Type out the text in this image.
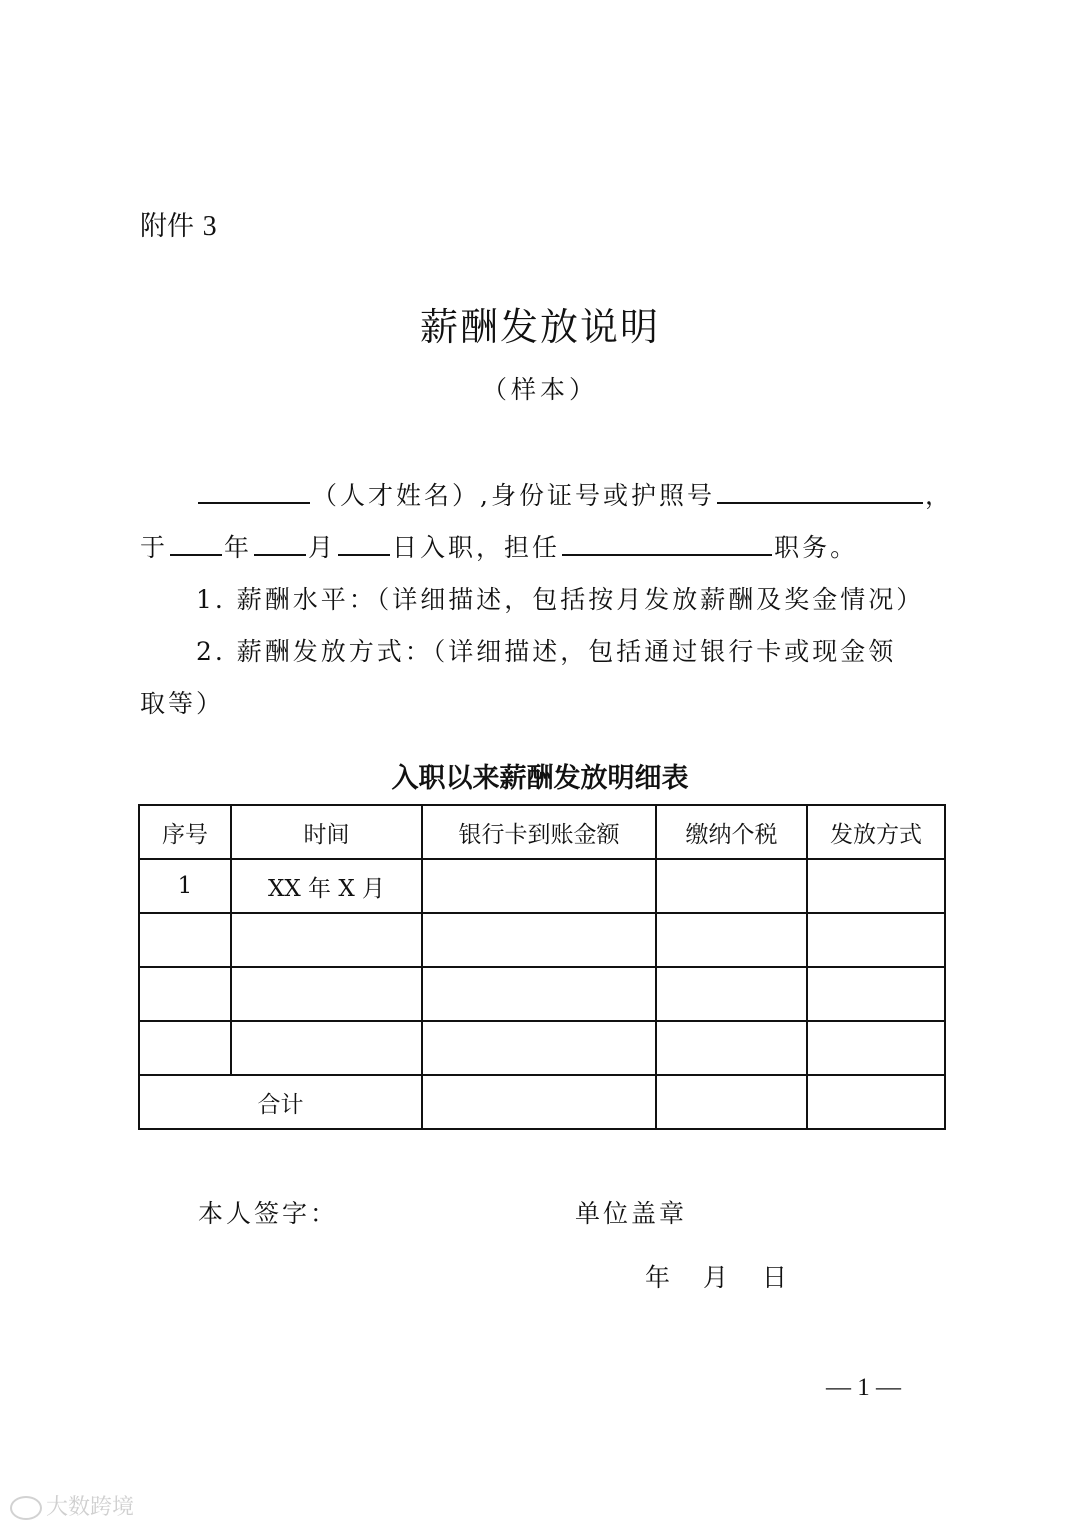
附件 3
薪酬发放说明
（样本）
（人才姓名）,身份证号或护照号	，
于 年 月 日入职，担任	职务。
1. 薪酬水平：（详细描述，包括按月发放薪酬及奖金情况）
2. 薪酬发放方式：（详细描述，包括通过银行卡或现金领
取等）
入职以来薪酬发放明细表
序号	时间	银行卡到账金额	缴纳个税	发放方式
1	XX 年 X 月			

合计				
本人签字：	单位盖章
年 月 日
— 1 —
大数跨境
